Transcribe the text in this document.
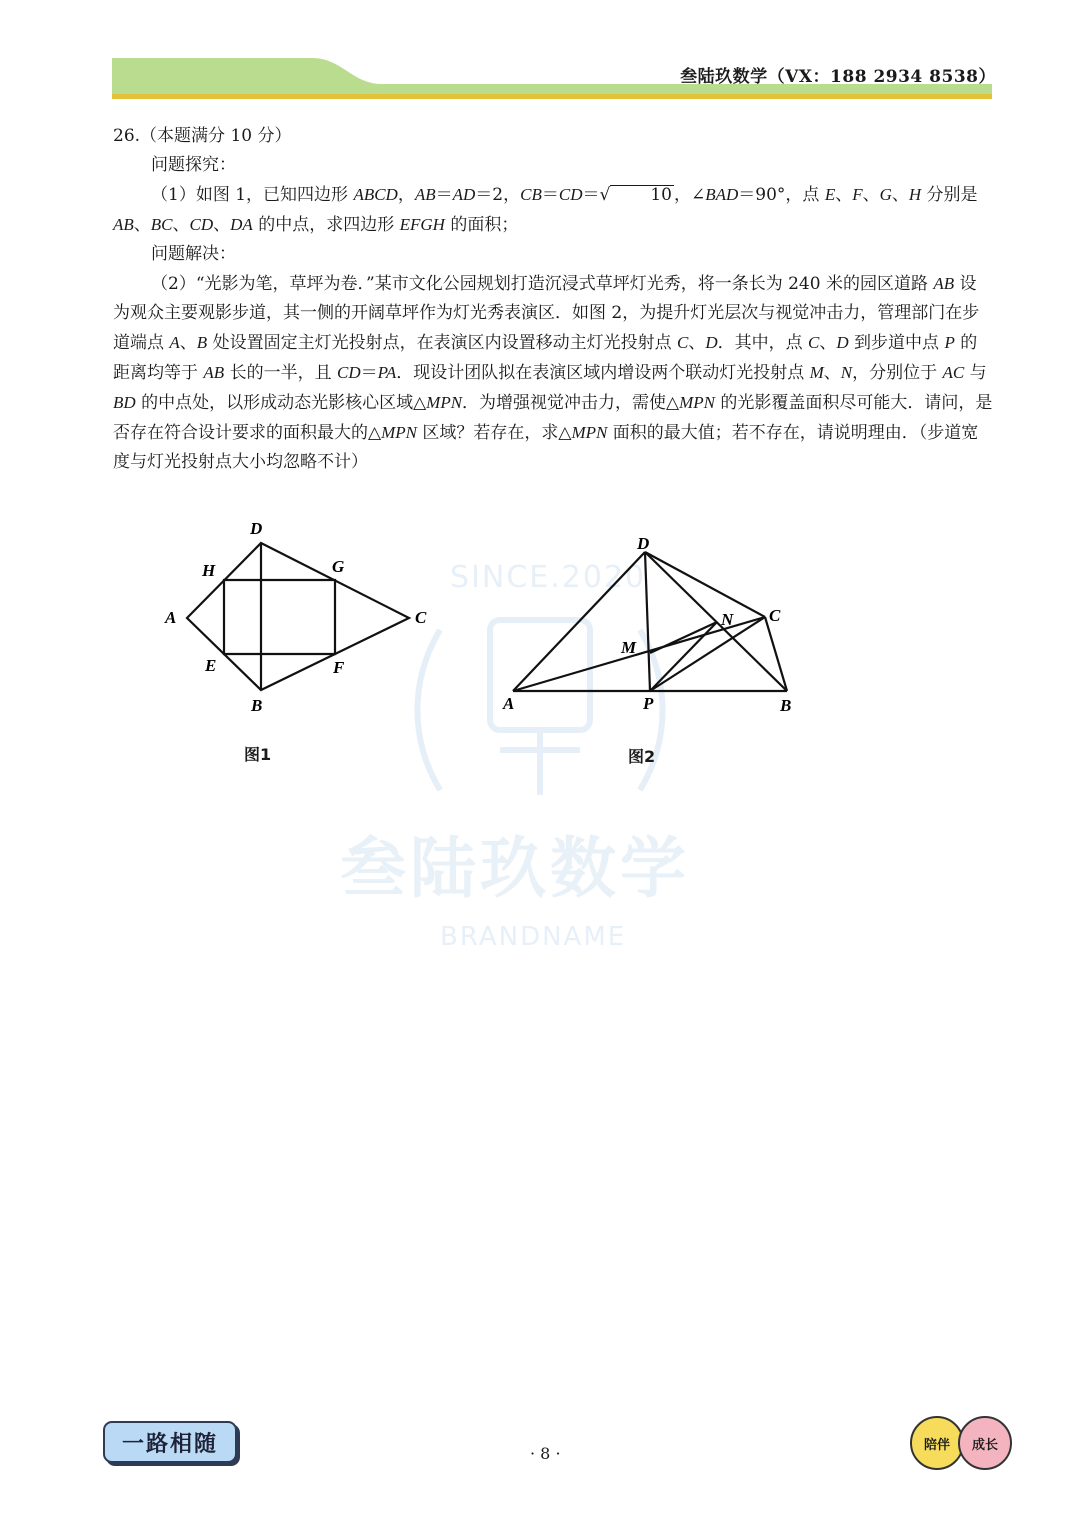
叁陆玖数学（VX：188 2934 8538）
SINCE.2020
叁陆玖数学
BRANDNAME

26.（本题满分 10 分）

问题探究：

（1）如图 1，已知四边形 ABCD，AB＝AD＝2，CB＝CD＝√ 10 ，∠BAD＝90°，点 E、F、G、H 分别是 AB、BC、CD、DA 的中点，求四边形 EFGH 的面积；

问题解决：

（2）“光影为笔，草坪为卷．”某市文化公园规划打造沉浸式草坪灯光秀，将一条长为 240 米的园区道路 AB 设为观众主要观影步道，其一侧的开阔草坪作为灯光秀表演区．如图 2，为提升灯光层次与视觉冲击力，管理部门在步道端点 A、B 处设置固定主灯光投射点，在表演区内设置移动主灯光投射点 C、D．其中，点 C、D 到步道中点 P 的距离均等于 AB 长的一半，且 CD＝PA．现设计团队拟在表演区域内增设两个联动灯光投射点 M、N，分别位于 AC 与 BD 的中点处，以形成动态光影核心区域△MPN．为增强视觉冲击力，需使△MPN 的光影覆盖面积尽可能大．请问，是否存在符合设计要求的面积最大的△MPN 区域？若存在，求△MPN 面积的最大值；若不存在，请说明理由．（步道宽度与灯光投射点大小均忽略不计）

D
H	G
A	C
E	F
B
图1
D
C
N
M
A	P	B
图2
一路相随	· 8 ·	陪伴	成长
